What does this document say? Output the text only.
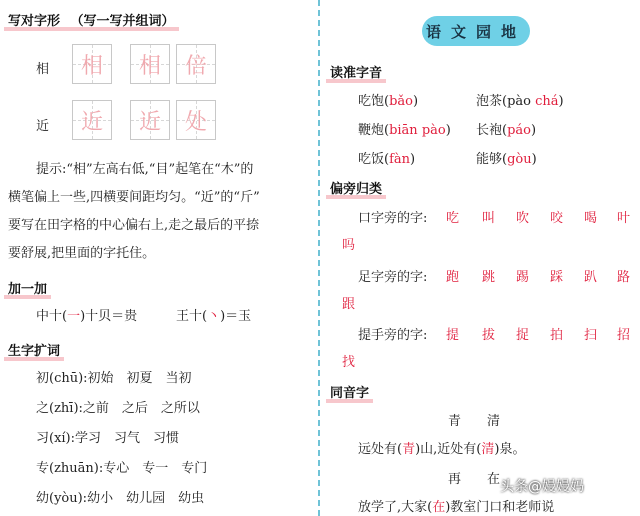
写对字形 （写一写并组词）
相	相	相	倍
近	近	近	处
提示:“相”左高右低,“目”起笔在“木”的
横笔偏上一些,四横要间距均匀。“近”的“斤”
要写在田字格的中心偏右上,走之最后的平捺
要舒展,把里面的字托住。
加一加
中十(一)十贝＝贵	王十(丶)＝玉
生字扩词
初(chū):初始　初夏　当初
之(zhī):之前　之后　之所以
习(xí):学习　习气　习惯
专(zhuān):专心　专一　专门
幼(yòu):幼小　幼儿园　幼虫
语文园地
读准字音
吃饱(bǎo)	泡茶(pào chá)
鞭炮(biān pào) 长袍(páo)
吃饭(fàn)	能够(gòu)
偏旁归类
口字旁的字: 吃 叫 吹 咬 喝 叶
吗
足字旁的字: 跑 跳 踢 踩 趴 路
跟
提手旁的字: 提 拔 捉 拍 扫 招
找
同音字
青　　清
远处有(青)山,近处有(清)泉。
再　　在
放学了,大家(在)教室门口和老师说
头条@嫚嫚妈
